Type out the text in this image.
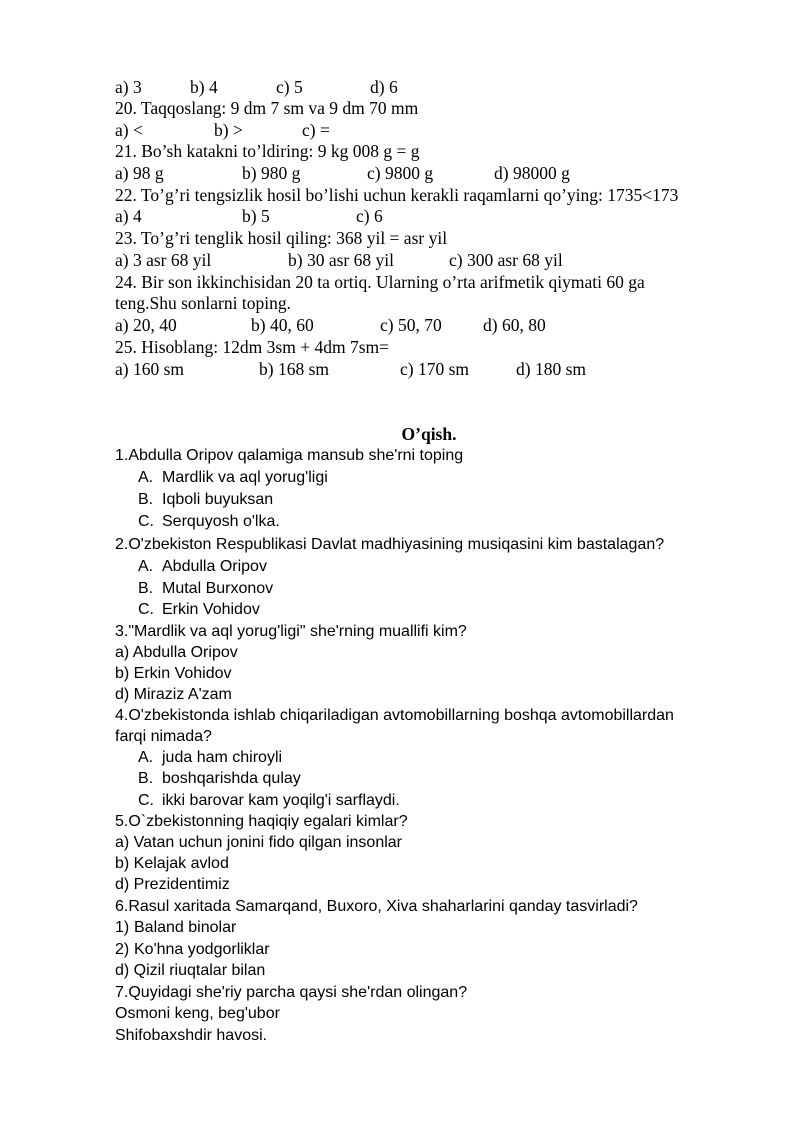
a) 3	b) 4	c) 5	d) 6
20. Taqqoslang: 9 dm 7 sm va 9 dm 70 mm
a) <	b) >	c) =
21. Bo’sh katakni to’ldiring: 9 kg 008 g = g
a) 98 g	b) 980 g	c) 9800 g	d) 98000 g
22. To’g’ri tengsizlik hosil bo’lishi uchun kerakli raqamlarni qo’ying: 1735<173
a) 4	b) 5	c) 6
23. To’g’ri tenglik hosil qiling: 368 yil = asr yil
a) 3 asr 68 yil	b) 30 asr 68 yil	c) 300 asr 68 yil
24. Bir son ikkinchisidan 20 ta ortiq. Ularning o’rta arifmetik qiymati 60 ga
teng.Shu sonlarni toping.
a) 20, 40	b) 40, 60	c) 50, 70 d) 60, 80
25. Hisoblang: 12dm 3sm + 4dm 7sm=
a) 160 sm	b) 168 sm	c) 170 sm	d) 180 sm
O’qish.
1.Abdulla Oripov qalamiga mansub she'rni toping
A. Mardlik va aql yorug'ligi
B. Iqboli buyuksan
C. Serquyosh o'lka.
2.O'zbekiston Respublikasi Davlat madhiyasining musiqasini kim bastalagan?
A. Abdulla Oripov
B. Mutal Burxonov
C. Erkin Vohidov
3."Mardlik va aql yorug'ligi" she'rning muallifi kim?
a) Abdulla Oripov
b) Erkin Vohidov
d) Miraziz A'zam
4.O'zbekistonda ishlab chiqariladigan avtomobillarning boshqa avtomobillardan
farqi nimada?
A. juda ham chiroyli
B. boshqarishda qulay
C. ikki barovar kam yoqilg'i sarflaydi.
5.O`zbekistonning haqiqiy egalari kimlar?
a) Vatan uchun jonini fido qilgan insonlar
b) Kelajak avlod
d) Prezidentimiz
6.Rasul xaritada Samarqand, Buxoro, Xiva shaharlarini qanday tasvirladi?
1) Baland binolar
2) Ko'hna yodgorliklar
d) Qizil riuqtalar bilan
7.Quyidagi she'riy parcha qaysi she'rdan olingan?
Osmoni keng, beg'ubor
Shifobaxshdir havosi.
